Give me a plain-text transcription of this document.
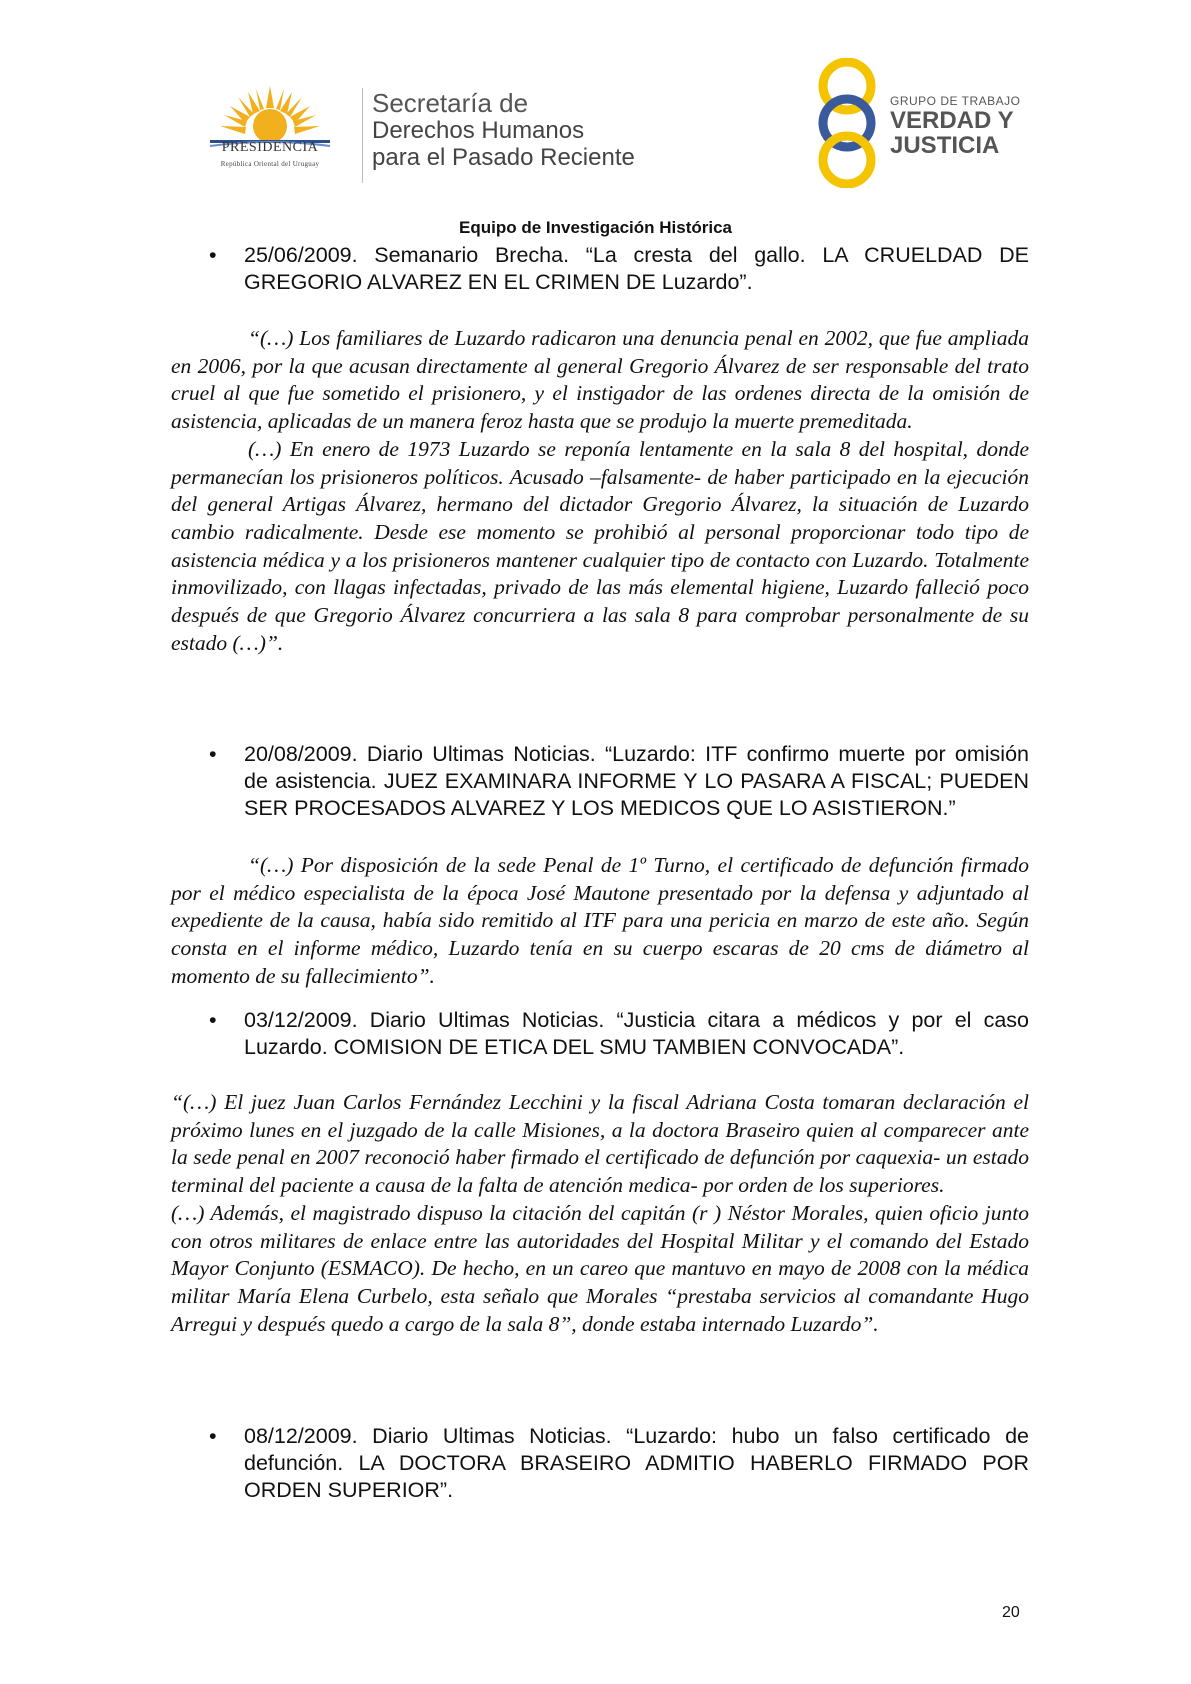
PRESIDENCIA
República Oriental del Uruguay
Secretaría de
Derechos Humanos
para el Pasado Reciente
GRUPO DE TRABAJO
VERDAD Y
JUSTICIA
Equipo de Investigación Histórica
• 25/06/2009. Semanario Brecha. “La cresta del gallo. LA CRUELDAD DE GREGORIO ALVAREZ EN EL CRIMEN DE Luzardo”.

“(…) Los familiares de Luzardo radicaron una denuncia penal en 2002, que fue ampliada en 2006, por la que acusan directamente al general Gregorio Álvarez de ser responsable del trato cruel al que fue sometido el prisionero, y el instigador de las ordenes directa de la omisión de asistencia, aplicadas de un manera feroz hasta que se produjo la muerte premeditada.

(…) En enero de 1973 Luzardo se reponía lentamente en la sala 8 del hospital, donde permanecían los prisioneros políticos. Acusado –falsamente- de haber participado en la ejecución del general Artigas Álvarez, hermano del dictador Gregorio Álvarez, la situación de Luzardo cambio radicalmente. Desde ese momento se prohibió al personal proporcionar todo tipo de asistencia médica y a los prisioneros mantener cualquier tipo de contacto con Luzardo. Totalmente inmovilizado, con llagas infectadas, privado de las más elemental higiene, Luzardo falleció poco después de que Gregorio Álvarez concurriera a las sala 8 para comprobar personalmente de su estado (…)”.

• 20/08/2009. Diario Ultimas Noticias. “Luzardo: ITF confirmo muerte por omisión de asistencia. JUEZ EXAMINARA INFORME Y LO PASARA A FISCAL; PUEDEN SER PROCESADOS ALVAREZ Y LOS MEDICOS QUE LO ASISTIERON.”

“(…) Por disposición de la sede Penal de 1º Turno, el certificado de defunción firmado por el médico especialista de la época José Mautone presentado por la defensa y adjuntado al expediente de la causa, había sido remitido al ITF para una pericia en marzo de este año. Según consta en el informe médico, Luzardo tenía en su cuerpo escaras de 20 cms de diámetro al momento de su fallecimiento”.

• 03/12/2009. Diario Ultimas Noticias. “Justicia citara a médicos y por el caso Luzardo. COMISION DE ETICA DEL SMU TAMBIEN CONVOCADA”.

“(…) El juez Juan Carlos Fernández Lecchini y la fiscal Adriana Costa tomaran declaración el próximo lunes en el juzgado de la calle Misiones, a la doctora Braseiro quien al comparecer ante la sede penal en 2007 reconoció haber firmado el certificado de defunción por caquexia- un estado terminal del paciente a causa de la falta de atención medica- por orden de los superiores.

(…) Además, el magistrado dispuso la citación del capitán (r ) Néstor Morales, quien oficio junto con otros militares de enlace entre las autoridades del Hospital Militar y el comando del Estado Mayor Conjunto (ESMACO). De hecho, en un careo que mantuvo en mayo de 2008 con la médica militar María Elena Curbelo, esta señalo que Morales “prestaba servicios al comandante Hugo Arregui y después quedo a cargo de la sala 8”, donde estaba internado Luzardo”.

• 08/12/2009. Diario Ultimas Noticias. “Luzardo: hubo un falso certificado de defunción. LA DOCTORA BRASEIRO ADMITIO HABERLO FIRMADO POR ORDEN SUPERIOR”.
20
